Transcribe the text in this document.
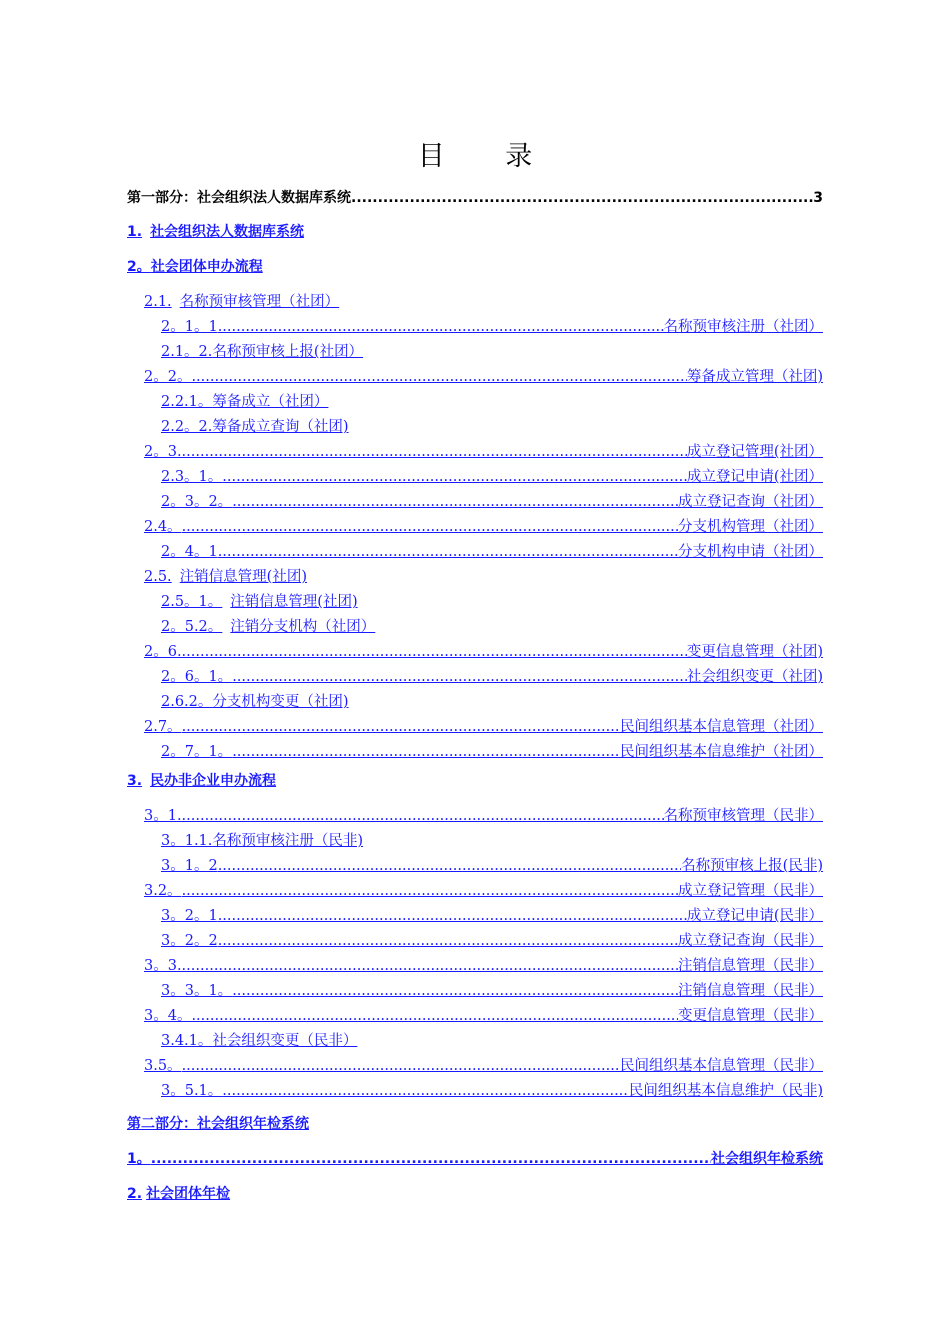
目 录
第一部分：社会组织法人数据库系统 .....	3
1. 社会组织法人数据库系统
2。 社会团体申办流程
2.1. 名称预审核管理（社团）
2。1。1 .....	名称预审核注册（社团）
2.1。2. 名称预审核上报(社团）
2。2。 .....	筹备成立管理（社团)
2.2.1。 筹备成立（社团）
2.2。2. 筹备成立查询（社团)
2。3 .....	成立登记管理(社团）
2.3。1。 .....	成立登记申请(社团）
2。3。2。 .....	成立登记查询（社团）
2.4。 .....	分支机构管理（社团）
2。4。1 .....	分支机构申请（社团）
2.5. 注销信息管理(社团)
2.5。1。 注销信息管理(社团)
2。5.2。 注销分支机构（社团）
2。6 .....	变更信息管理（社团)
2。6。1。 .....	社会组织变更（社团)
2.6.2。 分支机构变更（社团)
2.7。 .....	民间组织基本信息管理（社团）
2。7。1。 .....	民间组织基本信息维护（社团）
3. 民办非企业申办流程
3。1 .....	名称预审核管理（民非）
3。1.1. 名称预审核注册（民非)
3。1。2 .....	名称预审核上报(民非)
3.2。 .....	成立登记管理（民非）
3。2。1 .....	成立登记申请(民非）
3。2。2 .....	成立登记查询（民非）
3。3 .....	注销信息管理（民非）
3。3。1。 .....	注销信息管理（民非）
3。4。 .....	变更信息管理（民非）
3.4.1。 社会组织变更（民非）
3.5。 .....	民间组织基本信息管理（民非）
3。5.1。 .....	民间组织基本信息维护（民非)
第二部分：社会组织年检系统
1。 .....	社会组织年检系统
2. 社会团体年检
